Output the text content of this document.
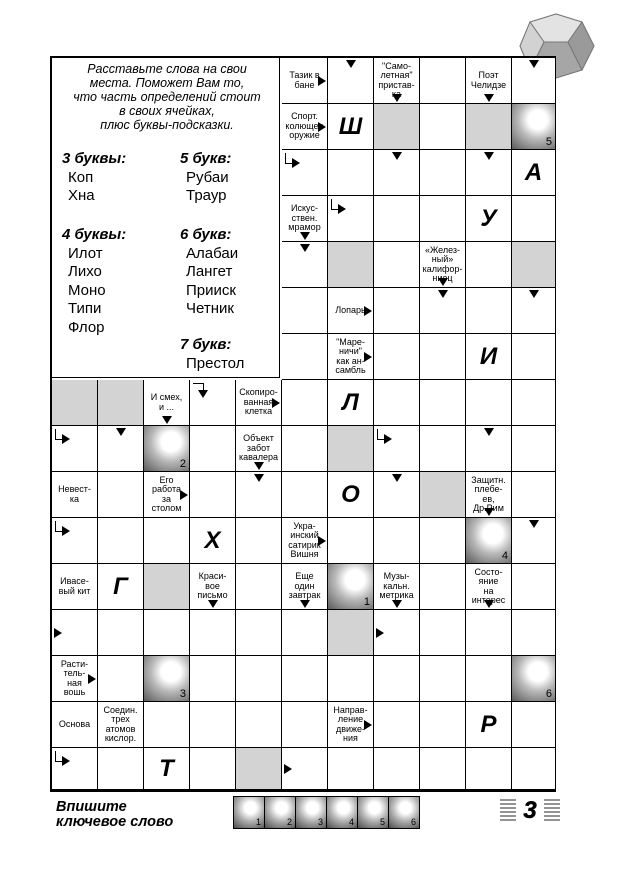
Расставьте слова на свои
места. Поможет Вам то,
что часть определений стоит
в своих ячейках,
плюс буквы-подсказки.
3 буквы:
Коп
Хна
4 буквы:
Илот
Лихо
Моно
Типи
Флор
5 букв:
Рубаи
Траур
6 букв:
Алабаи
Лангет
Прииск
Четник
7 букв:
Престол
Тазик в
бане
"Само-
летная"
пристав-
ка
Поэт
Челидзе
Спорт.
колющее
оружие Ш
5
А
Искус-
ствен.
мрамор	У
«Желез-
ный»
калифор-
ниец
Лопарь
"Маре-
ничи"
как ан-
самбль
И
И смех,
и ...
Скопиро-
ванная
клетка	Л
2
Объект
забот
кавалера
Невест-
ка
Его
работа
за
столом
О
Защитн.
плебе-
ев,
Др.Рим
Х
Укра-
инский
сатирик
Вишня	4
Ивасе-
вый кит Г	Краси-
вое
письмо
Еще
один
завтрак
1
Музы-
кальн.
метрика
Состо-
яние
на
интерес
Расти-
тель-
ная
вошь	3	6
Основа
Соедин.
трех
атомов
кислор.
Направ-
ление
движе-
ния
Р
Т
Впишите
ключевое слово	1	2	3	4	5	6	3
